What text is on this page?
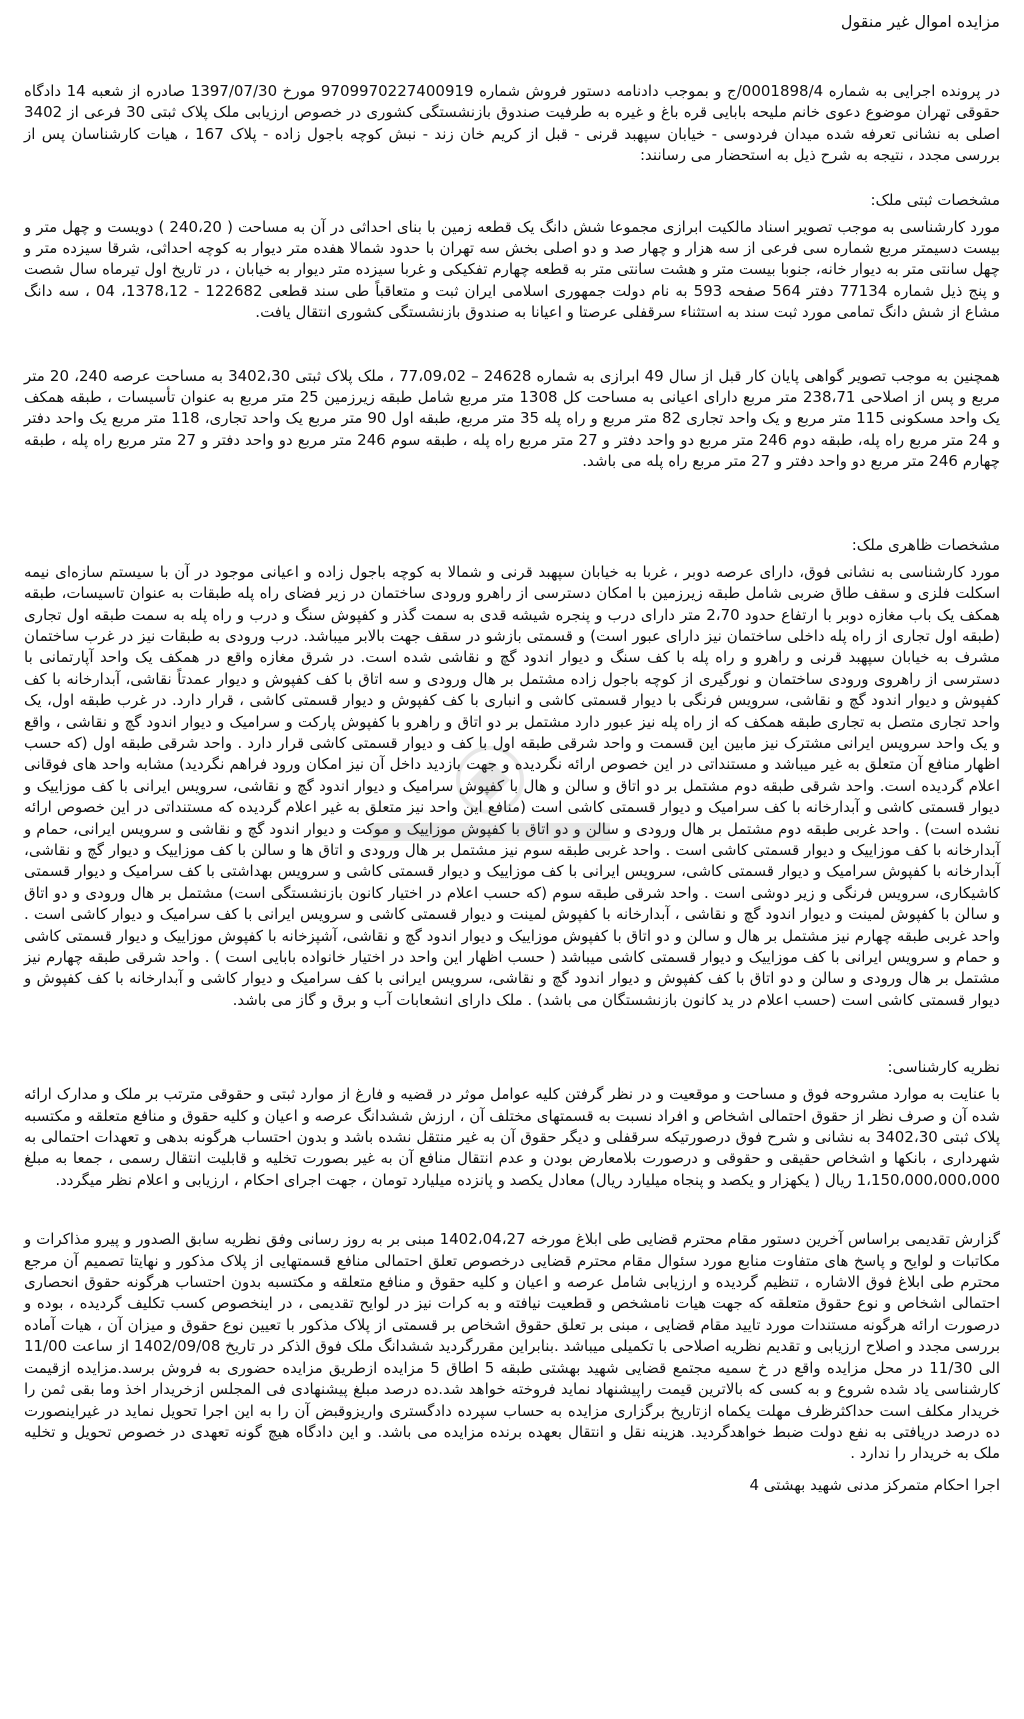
مزایده اموال غیر منقول

در پرونده اجرایی به شماره 0001898/4/ج و بموجب دادنامه دستور فروش شماره 9709970227400919 مورخ 1397/07/30 صادره از شعبه 14 دادگاه حقوقی تهران موضوع دعوی خانم ملیحه بابایی قره باغ و غیره به طرفیت صندوق بازنشستگی کشوری در خصوص ارزیابی ملک پلاک ثبتی 30 فرعی از 3402 اصلی به نشانی تعرفه شده میدان فردوسی - خیابان سپهبد قرنی - قبل از کریم خان زند - نبش کوچه باجول زاده - پلاک 167 ، هیات کارشناسان پس از بررسی مجدد ، نتیجه به شرح ذیل به استحضار می رسانند:

مشخصات ثبتی ملک:

مورد کارشناسی به موجب تصویر اسناد مالکیت ابرازی مجموعا شش دانگ یک قطعه زمین با بنای احداثی در آن به مساحت ( 240،20 ) دویست و چهل متر و بیست دسیمتر مربع شماره سی فرعی از سه هزار و چهار صد و دو اصلی بخش سه تهران با حدود شمالا هفده متر دیوار به کوچه احداثی، شرقا سیزده متر و چهل سانتی متر به دیوار خانه، جنوبا بیست متر و هشت سانتی متر به قطعه چهارم تفکیکی و غربا سیزده متر دیوار به خیابان ، در تاریخ اول تیرماه سال شصت و پنج ذیل شماره 77134 دفتر 564 صفحه 593 به نام دولت جمهوری اسلامی ایران ثبت و متعاقباً طی سند قطعی 122682 - 1378،12، 04 ، سه دانگ مشاع از شش دانگ تمامی مورد ثبت سند به استثناء سرقفلی عرصتا و اعیانا به صندوق بازنشستگی کشوری انتقال یافت.

همچنین به موجب تصویر گواهی پایان کار قبل از سال 49 ابرازی به شماره 24628 – 77،09،02 ، ملک پلاک ثبتی 3402،30 به مساحت عرصه 240، 20 متر مربع و پس از اصلاحی 238،71 متر مربع دارای اعیانی به مساحت کل 1308 متر مربع شامل طبقه زیرزمین 25 متر مربع به عنوان تأسیسات ، طبقه همکف یک واحد مسکونی 115 متر مربع و یک واحد تجاری 82 متر مربع و راه پله 35 متر مربع، طبقه اول 90 متر مربع یک واحد تجاری، 118 متر مربع یک واحد دفتر و 24 متر مربع راه پله، طبقه دوم 246 متر مربع دو واحد دفتر و 27 متر مربع راه پله ، طبقه سوم 246 متر مربع دو واحد دفتر و 27 متر مربع راه پله ، طبقه چهارم 246 متر مربع دو واحد دفتر و 27 متر مربع راه پله می باشد.

مشخصات ظاهری ملک:

مورد کارشناسی به نشانی فوق، دارای عرصه دوبر ، غربا به خیابان سپهبد قرنی و شمالا به کوچه باجول زاده و اعیانی موجود در آن با سیستم سازه‌ای نیمه اسکلت فلزی و سقف طاق ضربی شامل طبقه زیرزمین با امکان دسترسی از راهرو ورودی ساختمان در زیر فضای راه پله طبقات به عنوان تاسیسات، طبقه همکف یک باب مغازه دوبر با ارتفاع حدود 2،70 متر دارای درب و پنجره شیشه قدی به سمت گذر و کفپوش سنگ و درب و راه پله به سمت طبقه اول تجاری (طبقه اول تجاری از راه پله داخلی ساختمان نیز دارای عبور است) و قسمتی بازشو در سقف جهت بالابر میباشد. درب ورودی به طبقات نیز در غرب ساختمان مشرف به خیابان سپهبد قرنی و راهرو و راه پله با کف سنگ و دیوار اندود گچ و نقاشی شده است. در شرق مغازه واقع در همکف یک واحد آپارتمانی با دسترسی از راهروی ورودی ساختمان و نورگیری از کوچه باجول زاده مشتمل بر هال ورودی و سه اتاق با کف کفپوش و دیوار عمدتاً نقاشی، آبدارخانه با کف کفپوش و دیوار اندود گچ و نقاشی، سرویس فرنگی با دیوار قسمتی کاشی و انباری با کف کفپوش و دیوار قسمتی کاشی ، قرار دارد. در غرب طبقه اول، یک واحد تجاری متصل به تجاری طبقه همکف که از راه پله نیز عبور دارد مشتمل بر دو اتاق و راهرو با کفپوش پارکت و سرامیک و دیوار اندود گچ و نقاشی ، واقع و یک واحد سرویس ایرانی مشترک نیز مابین این قسمت و واحد شرقی طبقه اول با کف و دیوار قسمتی کاشی قرار دارد . واحد شرقی طبقه اول (که حسب اظهار منافع آن متعلق به غیر میباشد و مستنداتی در این خصوص ارائه نگردیده و جهت بازدید داخل آن نیز امکان ورود فراهم نگردید) مشابه واحد های فوقانی اعلام گردیده است. واحد شرقی طبقه دوم مشتمل بر دو اتاق و سالن و هال با کفپوش سرامیک و دیوار اندود گچ و نقاشی، سرویس ایرانی با کف موزاییک و دیوار قسمتی کاشی و آبدارخانه با کف سرامیک و دیوار قسمتی کاشی است (منافع این واحد نیز متعلق به غیر اعلام گردیده که مستنداتی در این خصوص ارائه نشده است) . واحد غربی طبقه دوم مشتمل بر هال ورودی و سالن و دو اتاق با کفپوش موزاییک و موکت و دیوار اندود گچ و نقاشی و سرویس ایرانی، حمام و آبدارخانه با کف موزاییک و دیوار قسمتی کاشی است . واحد غربی طبقه سوم نیز مشتمل بر هال ورودی و اتاق ها و سالن با کف موزاییک و دیوار گچ و نقاشی، آبدارخانه با کفپوش سرامیک و دیوار قسمتی کاشی، سرویس ایرانی با کف موزاییک و دیوار قسمتی کاشی و سرویس بهداشتی با کف سرامیک و دیوار قسمتی کاشیکاری، سرویس فرنگی و زیر دوشی است . واحد شرقی طبقه سوم (که حسب اعلام در اختیار کانون بازنشستگی است) مشتمل بر هال ورودی و دو اتاق و سالن با کفپوش لمینت و دیوار اندود گچ و نقاشی ، آبدارخانه با کفپوش لمینت و دیوار قسمتی کاشی و سرویس ایرانی با کف سرامیک و دیوار کاشی است . واحد غربی طبقه چهارم نیز مشتمل بر هال و سالن و دو اتاق با کفپوش موزاییک و دیوار اندود گچ و نقاشی، آشپزخانه با کفپوش موزاییک و دیوار قسمتی کاشی و حمام و سرویس ایرانی با کف موزاییک و دیوار قسمتی کاشی میباشد ( حسب اظهار این واحد در اختیار خانواده بابایی است ) . واحد شرقی طبقه چهارم نیز مشتمل بر هال ورودی و سالن و دو اتاق با کف کفپوش و دیوار اندود گچ و نقاشی، سرویس ایرانی با کف سرامیک و دیوار کاشی و آبدارخانه با کف کفپوش و دیوار قسمتی کاشی است (حسب اعلام در ید کانون بازنشستگان می باشد) . ملک دارای انشعابات آب و برق و گاز می باشد.

نظریه کارشناسی:

با عنایت به موارد مشروحه فوق و مساحت و موقعیت و در نظر گرفتن کلیه عوامل موثر در قضیه و فارغ از موارد ثبتی و حقوقی مترتب بر ملک و مدارک ارائه شده آن و صرف نظر از حقوق احتمالی اشخاص و افراد نسبت به قسمتهای مختلف آن ، ارزش ششدانگ عرصه و اعیان و کلیه حقوق و منافع متعلقه و مکتسبه پلاک ثبتی 3402،30 به نشانی و شرح فوق درصورتیکه سرقفلی و دیگر حقوق آن به غیر منتقل نشده باشد و بدون احتساب هرگونه بدهی و تعهدات احتمالی به شهرداری ، بانکها و اشخاص حقیقی و حقوقی و درصورت بلامعارض بودن و عدم انتقال منافع آن به غیر بصورت تخلیه و قابلیت انتقال رسمی ، جمعا به مبلغ 1،150،000،000،000 ریال ( یکهزار و یکصد و پنجاه میلیارد ریال) معادل یکصد و پانزده میلیارد تومان ، جهت اجرای احکام ، ارزیابی و اعلام نظر میگردد.

گزارش تقدیمی براساس آخرین دستور مقام محترم قضایی طی ابلاغ مورخه 1402،04،27 مبنی بر به روز رسانی وفق نظریه سابق الصدور و پیرو مذاکرات و مکاتبات و لوایح و پاسخ های متفاوت منابع مورد سئوال مقام محترم قضایی درخصوص تعلق احتمالی منافع قسمتهایی از پلاک مذکور و نهایتا تصمیم آن مرجع محترم طی ابلاغ فوق الاشاره ، تنظیم گردیده و ارزیابی شامل عرصه و اعیان و کلیه حقوق و منافع متعلقه و مکتسبه بدون احتساب هرگونه حقوق انحصاری احتمالی اشخاص و نوع حقوق متعلقه که جهت هیات نامشخص و قطعیت نیافته و به کرات نیز در لوایح تقدیمی ، در اینخصوص کسب تکلیف گردیده ، بوده و درصورت ارائه هرگونه مستندات مورد تایید مقام قضایی ، مبنی بر تعلق حقوق اشخاص بر قسمتی از پلاک مذکور با تعیین نوع حقوق و میزان آن ، هیات آماده بررسی مجدد و اصلاح ارزیابی و تقدیم نظریه اصلاحی با تکمیلی میباشد .بنابراین مقررگردید ششدانگ ملک فوق الذکر در تاریخ 1402/09/08 از ساعت 11/00 الی 11/30 در محل مزایده واقع در خ سمیه مجتمع قضایی شهید بهشتی طبقه 5 اطاق 5 مزایده ازطریق مزایده حضوری به فروش برسد.مزایده ازقیمت کارشناسی یاد شده شروع و به کسی که بالاترین قیمت راپیشنهاد نماید فروخته خواهد شد.ده درصد مبلغ پیشنهادی فی المجلس ازخریدار اخذ وما بقی ثمن را خریدار مکلف است حداکثرظرف مهلت یکماه ازتاریخ برگزاری مزایده به حساب سپرده دادگستری واریزوقبض آن را به این اجرا تحویل نماید در غیراینصورت ده درصد دریافتی به نفع دولت ضبط خواهدگردید. هزینه نقل و انتقال بعهده برنده مزایده می باشد. و این دادگاه هیچ گونه تعهدی در خصوص تحویل و تخلیه ملک به خریدار را ندارد .

اجرا احکام متمرکز مدنی شهید بهشتی 4
